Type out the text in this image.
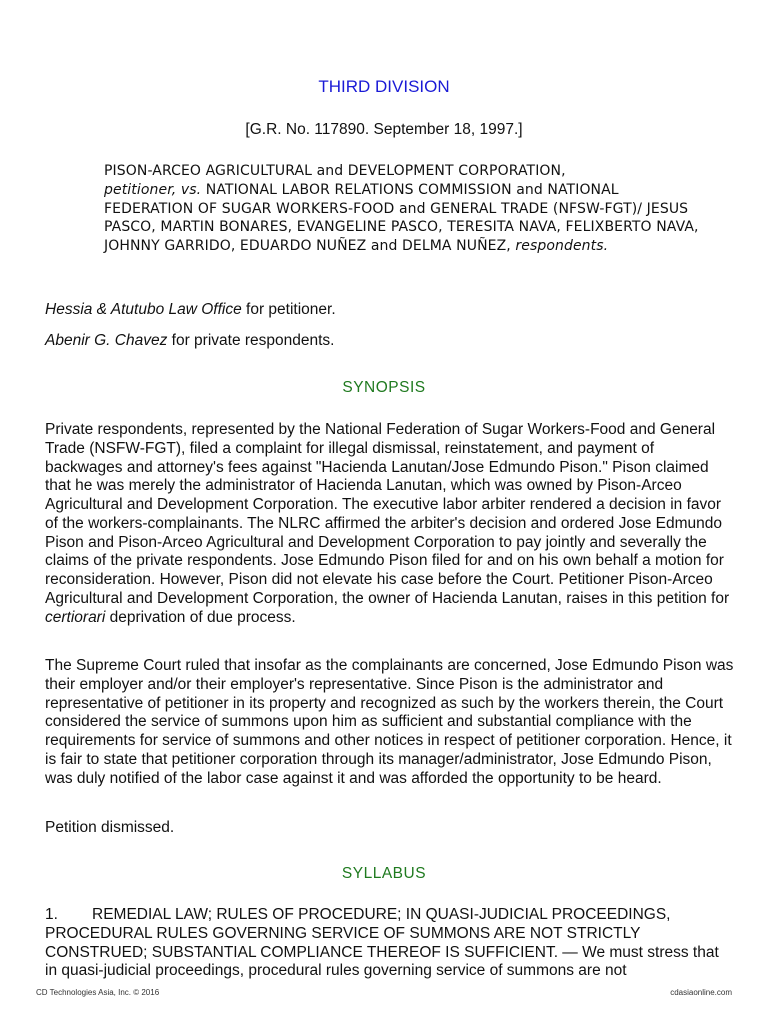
THIRD DIVISION
[G.R. No. 117890. September 18, 1997.]
PISON-ARCEO AGRICULTURAL and DEVELOPMENT CORPORATION,
petitioner, vs. NATIONAL LABOR RELATIONS COMMISSION and NATIONAL FEDERATION OF SUGAR WORKERS-FOOD and GENERAL TRADE (NFSW-FGT)/ JESUS PASCO, MARTIN BONARES, EVANGELINE PASCO, TERESITA NAVA, FELIXBERTO NAVA, JOHNNY GARRIDO, EDUARDO NUÑEZ and DELMA NUÑEZ, respondents.
Hessia & Atutubo Law Office for petitioner.
Abenir G. Chavez for private respondents.
SYNOPSIS

Private respondents, represented by the National Federation of Sugar Workers-Food and General Trade (NSFW-FGT), filed a complaint for illegal dismissal, reinstatement, and payment of backwages and attorney's fees against "Hacienda Lanutan/Jose Edmundo Pison." Pison claimed that he was merely the administrator of Hacienda Lanutan, which was owned by Pison-Arceo Agricultural and Development Corporation. The executive labor arbiter rendered a decision in favor of the workers-complainants. The NLRC affirmed the arbiter's decision and ordered Jose Edmundo Pison and Pison-Arceo Agricultural and Development Corporation to pay jointly and severally the claims of the private respondents. Jose Edmundo Pison filed for and on his own behalf a motion for reconsideration. However, Pison did not elevate his case before the Court. Petitioner Pison-Arceo Agricultural and Development Corporation, the owner of Hacienda Lanutan, raises in this petition for certiorari deprivation of due process.

The Supreme Court ruled that insofar as the complainants are concerned, Jose Edmundo Pison was their employer and/or their employer's representative. Since Pison is the administrator and representative of petitioner in its property and recognized as such by the workers therein, the Court considered the service of summons upon him as sufficient and substantial compliance with the requirements for service of summons and other notices in respect of petitioner corporation. Hence, it is fair to state that petitioner corporation through its manager/administrator, Jose Edmundo Pison, was duly notified of the labor case against it and was afforded the opportunity to be heard.

Petition dismissed.

SYLLABUS

1. REMEDIAL LAW; RULES OF PROCEDURE; IN QUASI-JUDICIAL PROCEEDINGS, PROCEDURAL RULES GOVERNING SERVICE OF SUMMONS ARE NOT STRICTLY CONSTRUED; SUBSTANTIAL COMPLIANCE THEREOF IS SUFFICIENT. — We must stress that in quasi-judicial proceedings, procedural rules governing service of summons are not

CD Technologies Asia, Inc. © 2016	cdasiaonline.com
